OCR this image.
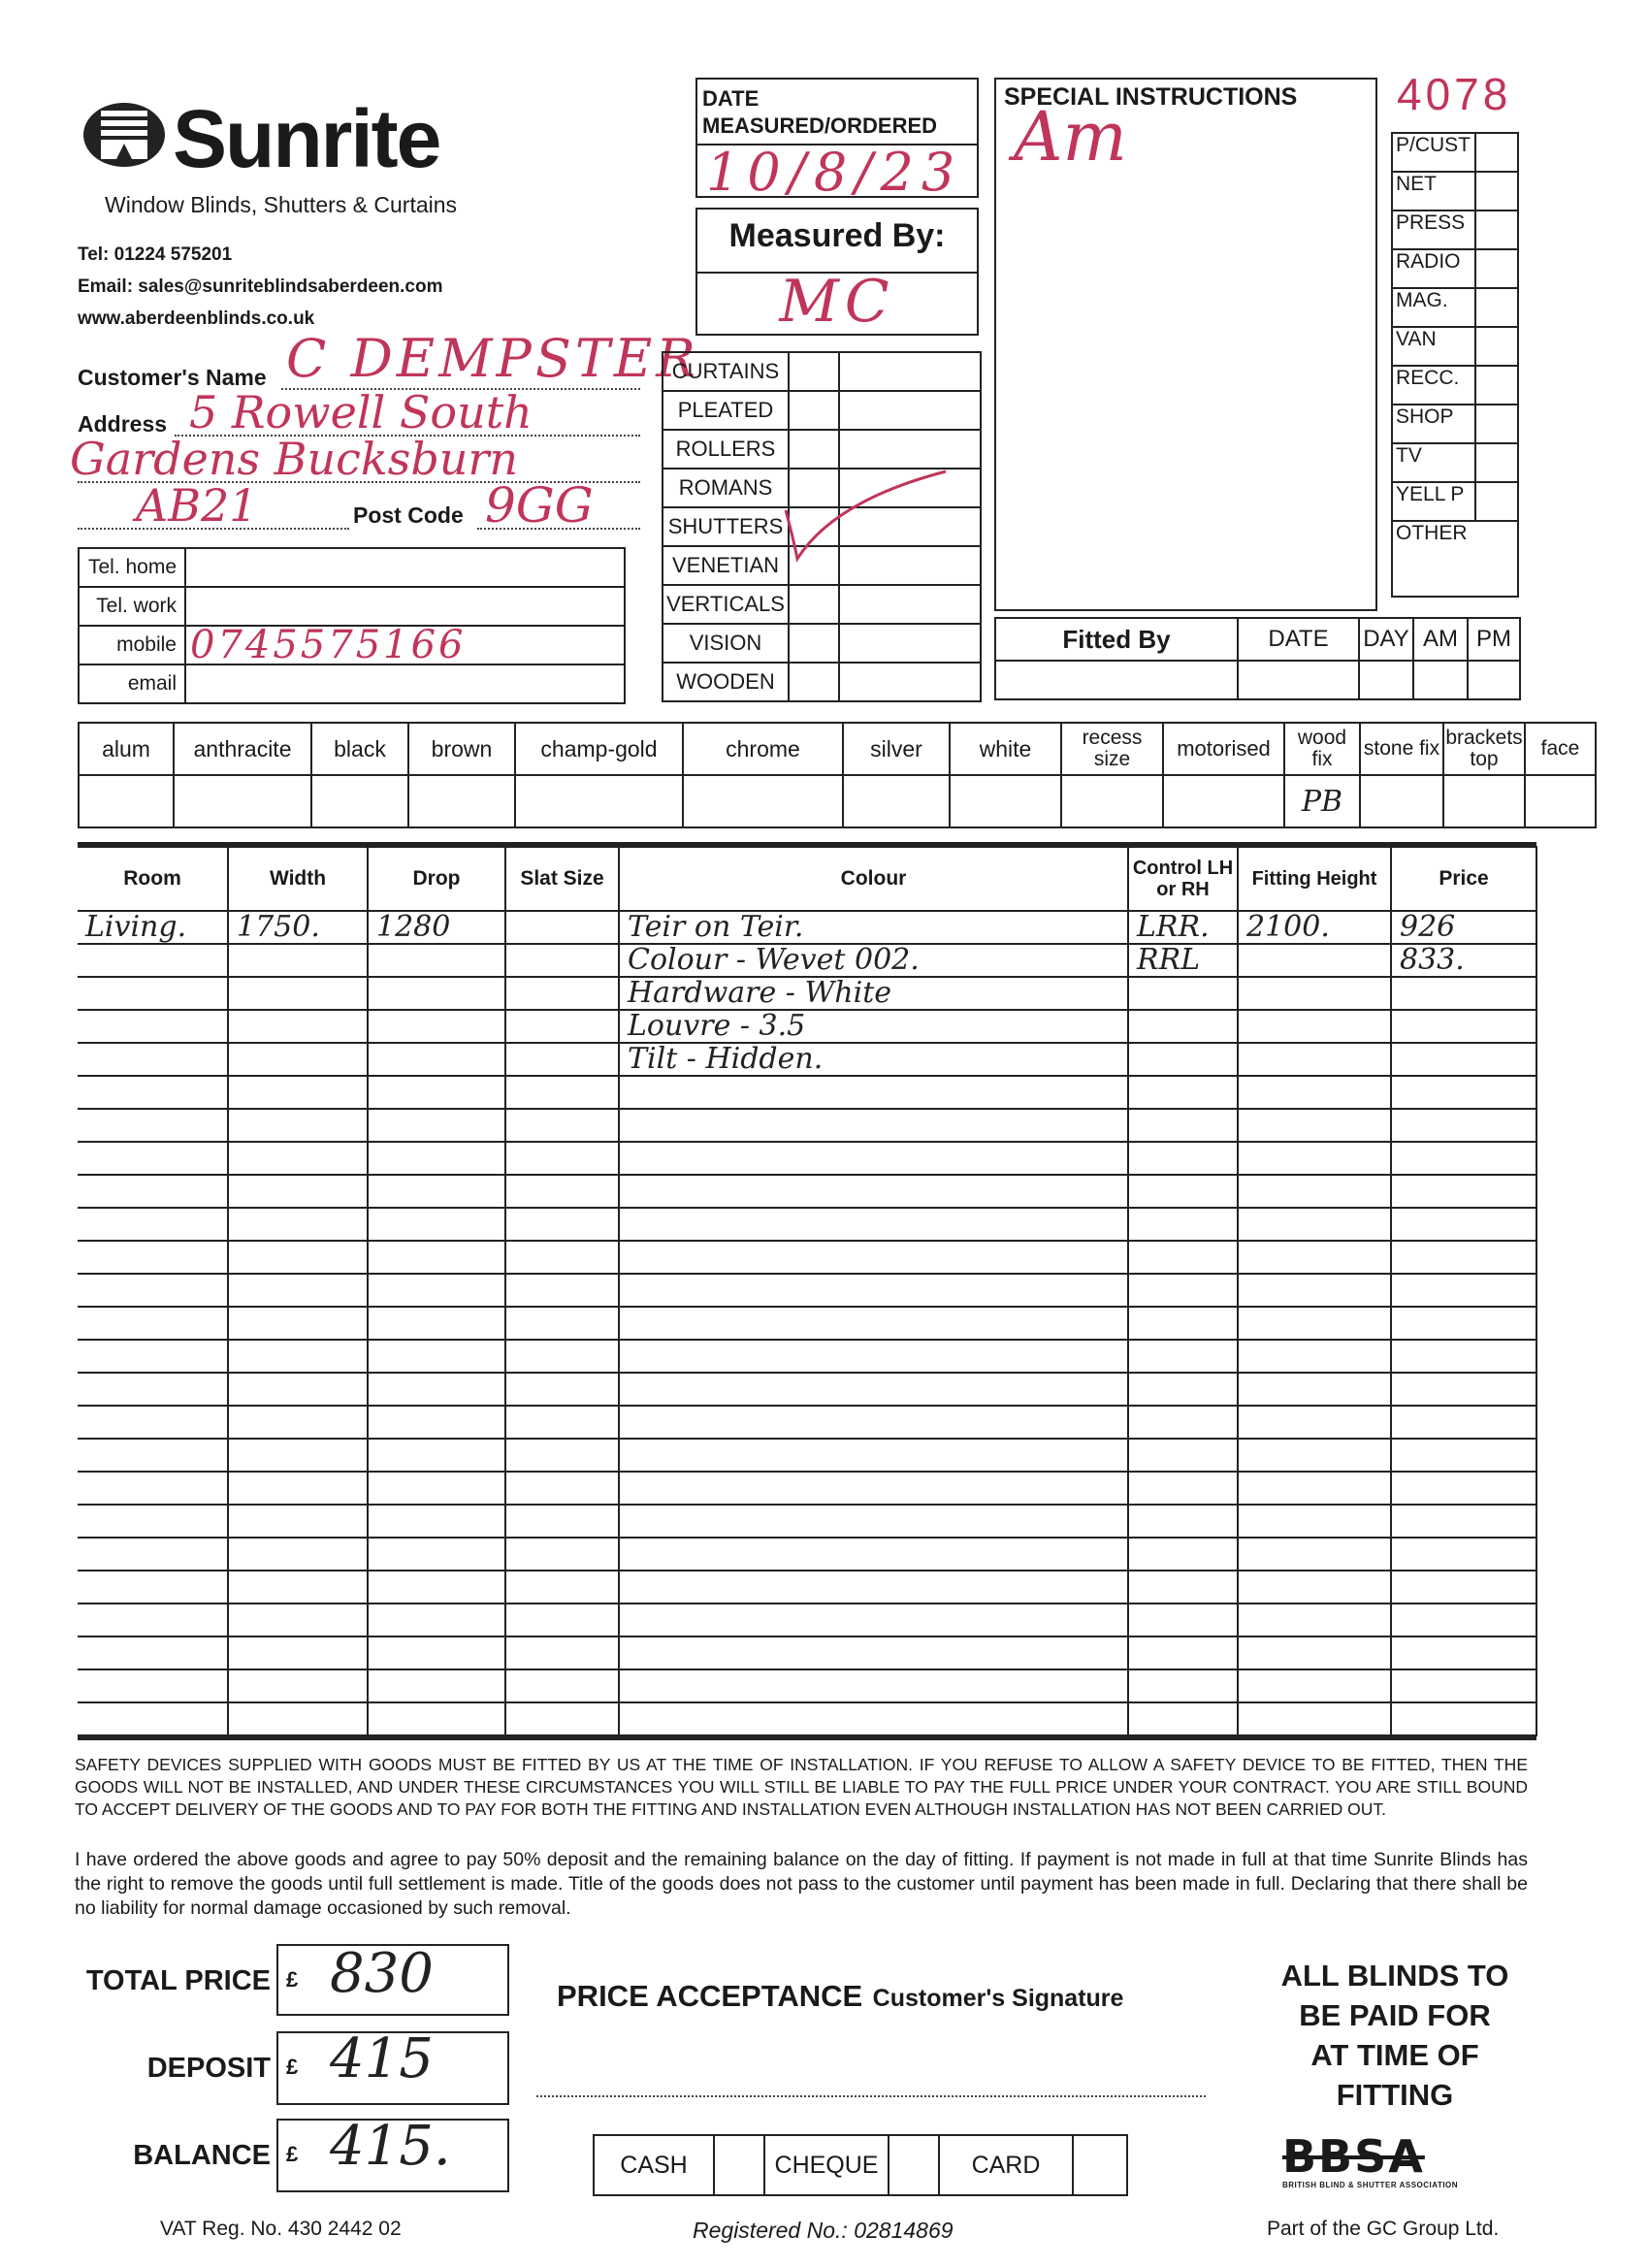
Sunrite
Window Blinds, Shutters & Curtains
Tel: 01224 575201
Email: sales@sunriteblindsaberdeen.com
www.aberdeenblinds.co.uk
Customer's Name C DEMPSTER
Address 5 Rowell South
Gardens Bucksburn
AB21	Post Code 9GG
Tel. home	
Tel. work	
mobile	07455751​66
email	
DATE MEASURED/ORDERED
10/8/23
Measured By:
MC
CURTAINS		
PLEATED		
ROLLERS		
ROMANS		
SHUTTERS		
VENETIAN		
VERTICALS		
VISION		
WOODEN		
SPECIAL INSTRUCTIONS
Am
4078
P/CUST	
NET	
PRESS	
RADIO	
MAG.	
VAN	
RECC.	
SHOP	
TV	
YELL P	
OTHER	
Fitted By	DATE	DAY	AM	PM

alum	anthracite	black	brown	champ-gold	chrome	silver	white	recess size	motorised	wood fix	stone fix	brackets top	face
										PB			
Room	Width	Drop	Slat Size	Colour	Control LH or RH	Fitting Height	Price
Living.	1750.	1280		Teir on Teir.	LRR.	2100.	926
				Colour - Wevet 002.	RRL		833.
				Hardware - White			
				Louvre - 3.5			
				Tilt - Hidden.			

SAFETY DEVICES SUPPLIED WITH GOODS MUST BE FITTED BY US AT THE TIME OF INSTALLATION. IF YOU REFUSE TO ALLOW A SAFETY DEVICE TO BE FITTED, THEN THE GOODS WILL NOT BE INSTALLED, AND UNDER THESE CIRCUMSTANCES YOU WILL STILL BE LIABLE TO PAY THE FULL PRICE UNDER YOUR CONTRACT. YOU ARE STILL BOUND TO ACCEPT DELIVERY OF THE GOODS AND TO PAY FOR BOTH THE FITTING AND INSTALLATION EVEN ALTHOUGH INSTALLATION HAS NOT BEEN CARRIED OUT.
I have ordered the above goods and agree to pay 50% deposit and the remaining balance on the day of fitting. If payment is not made in full at that time Sunrite Blinds has the right to remove the goods until full settlement is made. Title of the goods does not pass to the customer until payment has been made in full. Declaring that there shall be no liability for normal damage occasioned by such removal.
TOTAL PRICE £ 830
DEPOSIT £ 415
BALANCE £ 415.
PRICE ACCEPTANCE Customer's Signature
CASH		CHEQUE		CARD	
ALL BLINDS TO
BE PAID FOR
AT TIME OF
FITTING
BBSA
BRITISH BLIND & SHUTTER ASSOCIATION
VAT Reg. No. 430 2442 02	Registered No.: 02814869	Part of the GC Group Ltd.
